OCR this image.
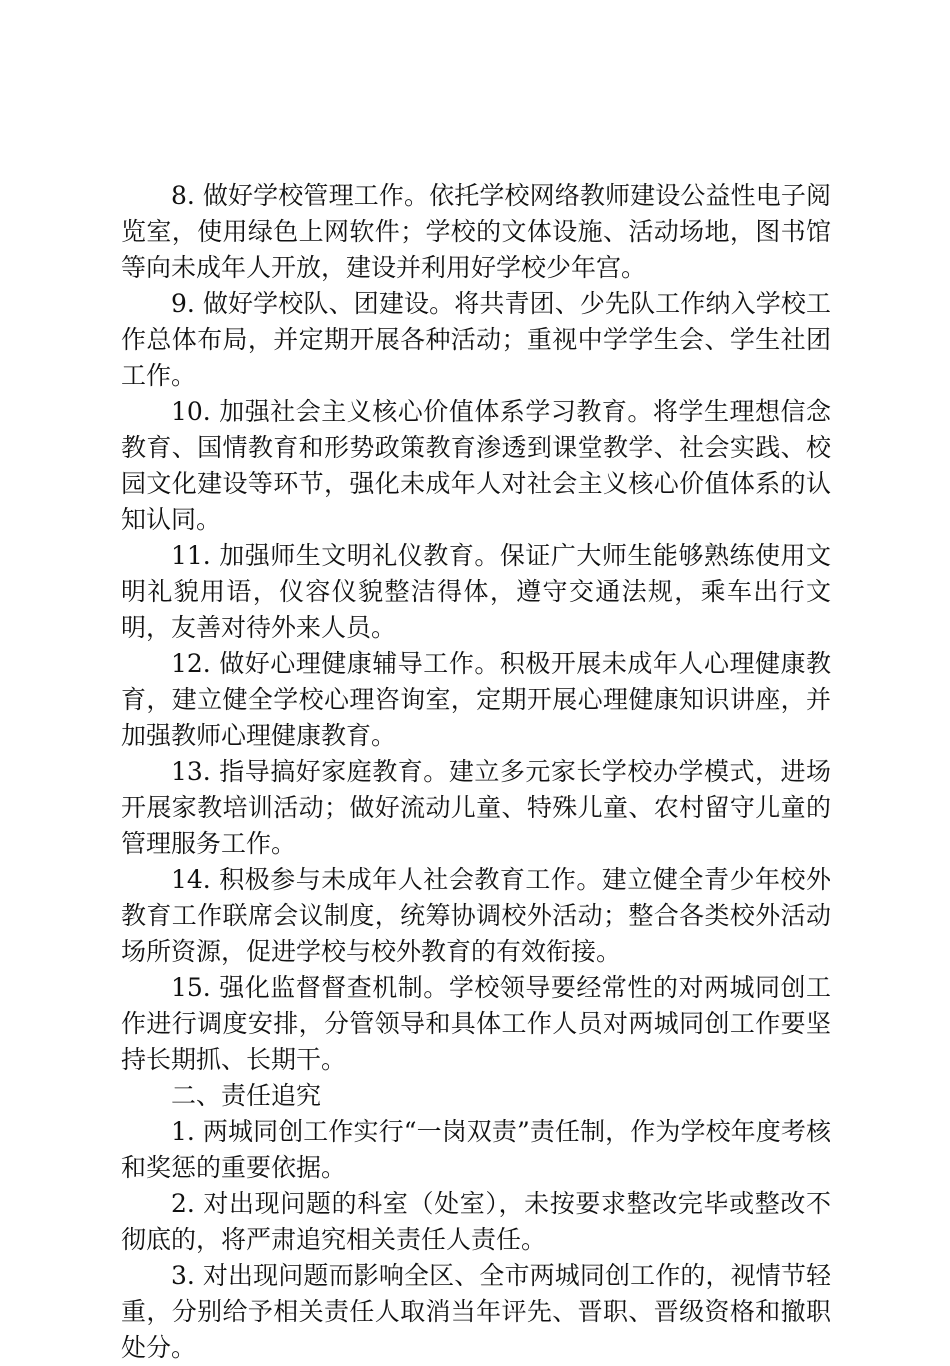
8. 做好学校管理工作。依托学校网络教师建设公益性电子阅览室，使用绿色上网软件；学校的文体设施、活动场地，图书馆等向未成年人开放，建设并利用好学校少年宫。

9. 做好学校队、团建设。将共青团、少先队工作纳入学校工作总体布局，并定期开展各种活动；重视中学学生会、学生社团工作。

10. 加强社会主义核心价值体系学习教育。将学生理想信念教育、国情教育和形势政策教育渗透到课堂教学、社会实践、校园文化建设等环节，强化未成年人对社会主义核心价值体系的认知认同。

11. 加强师生文明礼仪教育。保证广大师生能够熟练使用文明礼貌用语，仪容仪貌整洁得体，遵守交通法规，乘车出行文明，友善对待外来人员。

12. 做好心理健康辅导工作。积极开展未成年人心理健康教育，建立健全学校心理咨询室，定期开展心理健康知识讲座，并加强教师心理健康教育。

13. 指导搞好家庭教育。建立多元家长学校办学模式，进场开展家教培训活动；做好流动儿童、特殊儿童、农村留守儿童的管理服务工作。

14. 积极参与未成年人社会教育工作。建立健全青少年校外教育工作联席会议制度，统筹协调校外活动；整合各类校外活动场所资源，促进学校与校外教育的有效衔接。

15. 强化监督督查机制。学校领导要经常性的对两城同创工作进行调度安排，分管领导和具体工作人员对两城同创工作要坚持长期抓、长期干。

二、责任追究

1. 两城同创工作实行“一岗双责”责任制，作为学校年度考核和奖惩的重要依据。

2. 对出现问题的科室（处室），未按要求整改完毕或整改不彻底的，将严肃追究相关责任人责任。

3. 对出现问题而影响全区、全市两城同创工作的，视情节轻重，分别给予相关责任人取消当年评先、晋职、晋级资格和撤职处分。
